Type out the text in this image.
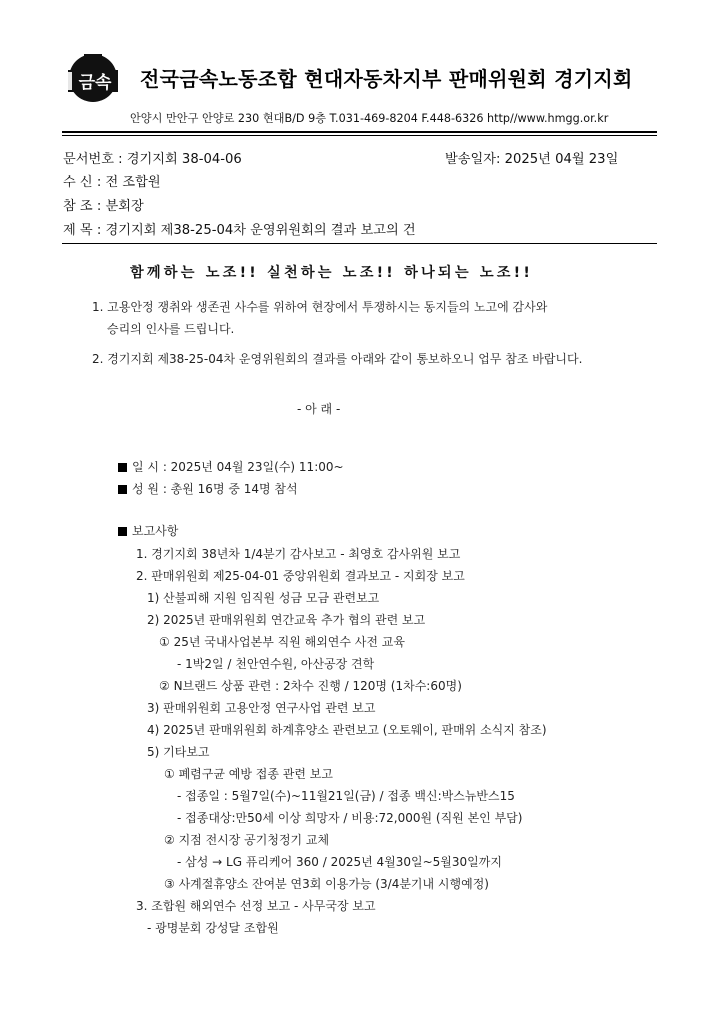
금속 전국금속노동조합 현대자동차지부 판매위원회 경기지회
안양시 만안구 안양로 230 현대B/D 9층 T.031-469-8204 F.448-6326 http//www.hmgg.or.kr
문서번호 : 경기지회 38-04-06	발송일자: 2025년 04월 23일
수 신 : 전 조합원
참 조 : 분회장
제 목 : 경기지회 제38-25-04차 운영위원회의 결과 보고의 건
함께하는 노조!! 실천하는 노조!! 하나되는 노조!!
1. 고용안정 쟁취와 생존권 사수를 위하여 현장에서 투쟁하시는 동지들의 노고에 감사와
승리의 인사를 드립니다.
2. 경기지회 제38-25-04차 운영위원회의 결과를 아래와 같이 통보하오니 업무 참조 바랍니다.
- 아 래 -
일 시 : 2025년 04월 23일(수) 11:00~
성 원 : 총원 16명 중 14명 참석
보고사항
1. 경기지회 38년차 1/4분기 감사보고 - 최영호 감사위원 보고
2. 판매위원회 제25-04-01 중앙위원회 결과보고 - 지회장 보고
1) 산불피해 지원 임직원 성금 모금 관련보고
2) 2025년 판매위원회 연간교육 추가 협의 관련 보고
① 25년 국내사업본부 직원 해외연수 사전 교육
- 1박2일 / 천안연수원, 아산공장 견학
② N브랜드 상품 관련 : 2차수 진행 / 120명 (1차수:60명)
3) 판매위원회 고용안정 연구사업 관련 보고
4) 2025년 판매위원회 하계휴양소 관련보고 (오토웨이, 판매위 소식지 참조)
5) 기타보고
① 폐렴구균 예방 접종 관련 보고
- 접종일 : 5월7일(수)~11월21일(금) / 접종 백신:박스뉴반스15
- 접종대상:만50세 이상 희망자 / 비용:72,000원 (직원 본인 부담)
② 지점 전시장 공기청정기 교체
- 삼성 → LG 퓨리케어 360 / 2025년 4월30일~5월30일까지
③ 사계절휴양소 잔여분 연3회 이용가능 (3/4분기내 시행예정)
3. 조합원 해외연수 선정 보고 - 사무국장 보고
- 광명분회 강성달 조합원
